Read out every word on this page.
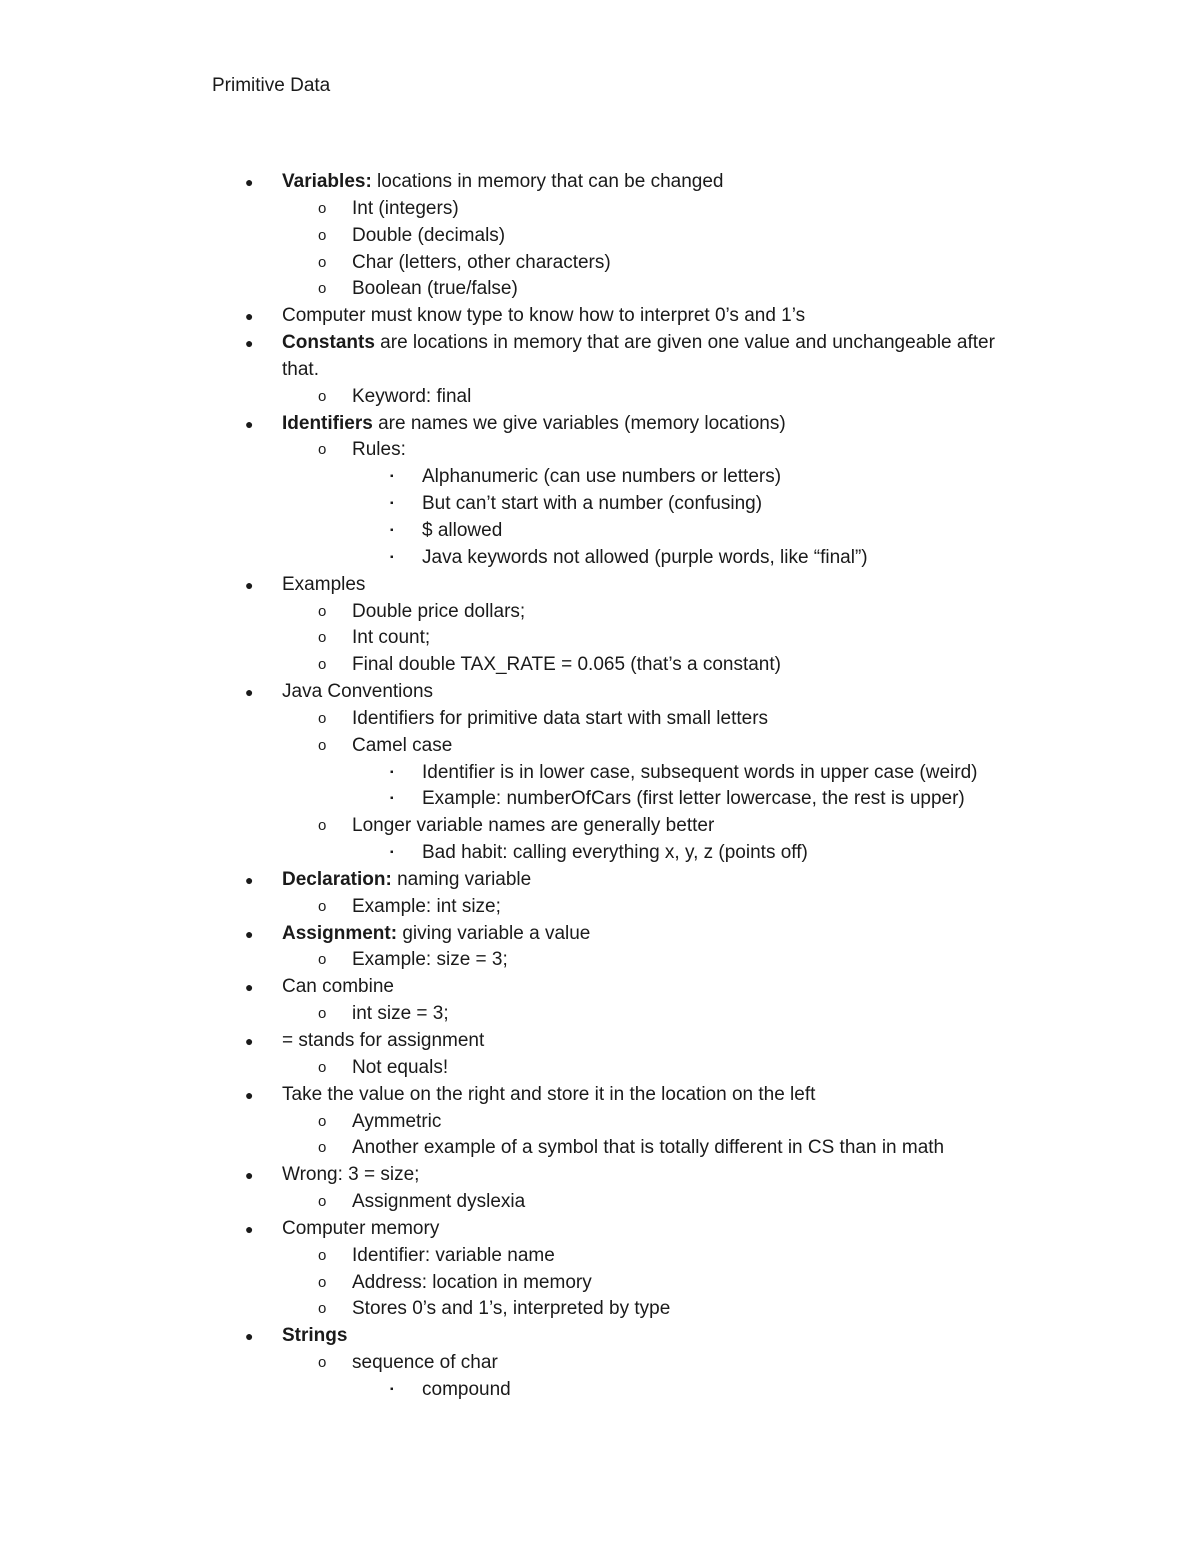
Primitive Data
● Variables: locations in memory that can be changed
o Int (integers)
o Double (decimals)
o Char (letters, other characters)
o Boolean (true/false)
● Computer must know type to know how to interpret 0’s and 1’s
● Constants are locations in memory that are given one value and unchangeable after that.
o Keyword: final
● Identifiers are names we give variables (memory locations)
o Rules:
▪ Alphanumeric (can use numbers or letters)
▪ But can’t start with a number (confusing)
▪ $ allowed
▪ Java keywords not allowed (purple words, like “final”)
● Examples
o Double price dollars;
o Int count;
o Final double TAX_RATE = 0.065 (that’s a constant)
● Java Conventions
o Identifiers for primitive data start with small letters
o Camel case
▪ Identifier is in lower case, subsequent words in upper case (weird)
▪ Example: numberOfCars (first letter lowercase, the rest is upper)
o Longer variable names are generally better
▪ Bad habit: calling everything x, y, z (points off)
● Declaration: naming variable
o Example: int size;
● Assignment: giving variable a value
o Example: size = 3;
● Can combine
o int size = 3;
● = stands for assignment
o Not equals!
● Take the value on the right and store it in the location on the left
o Aymmetric
o Another example of a symbol that is totally different in CS than in math
● Wrong: 3 = size;
o Assignment dyslexia
● Computer memory
o Identifier: variable name
o Address: location in memory
o Stores 0’s and 1’s, interpreted by type
● Strings
o sequence of char
▪ compound
